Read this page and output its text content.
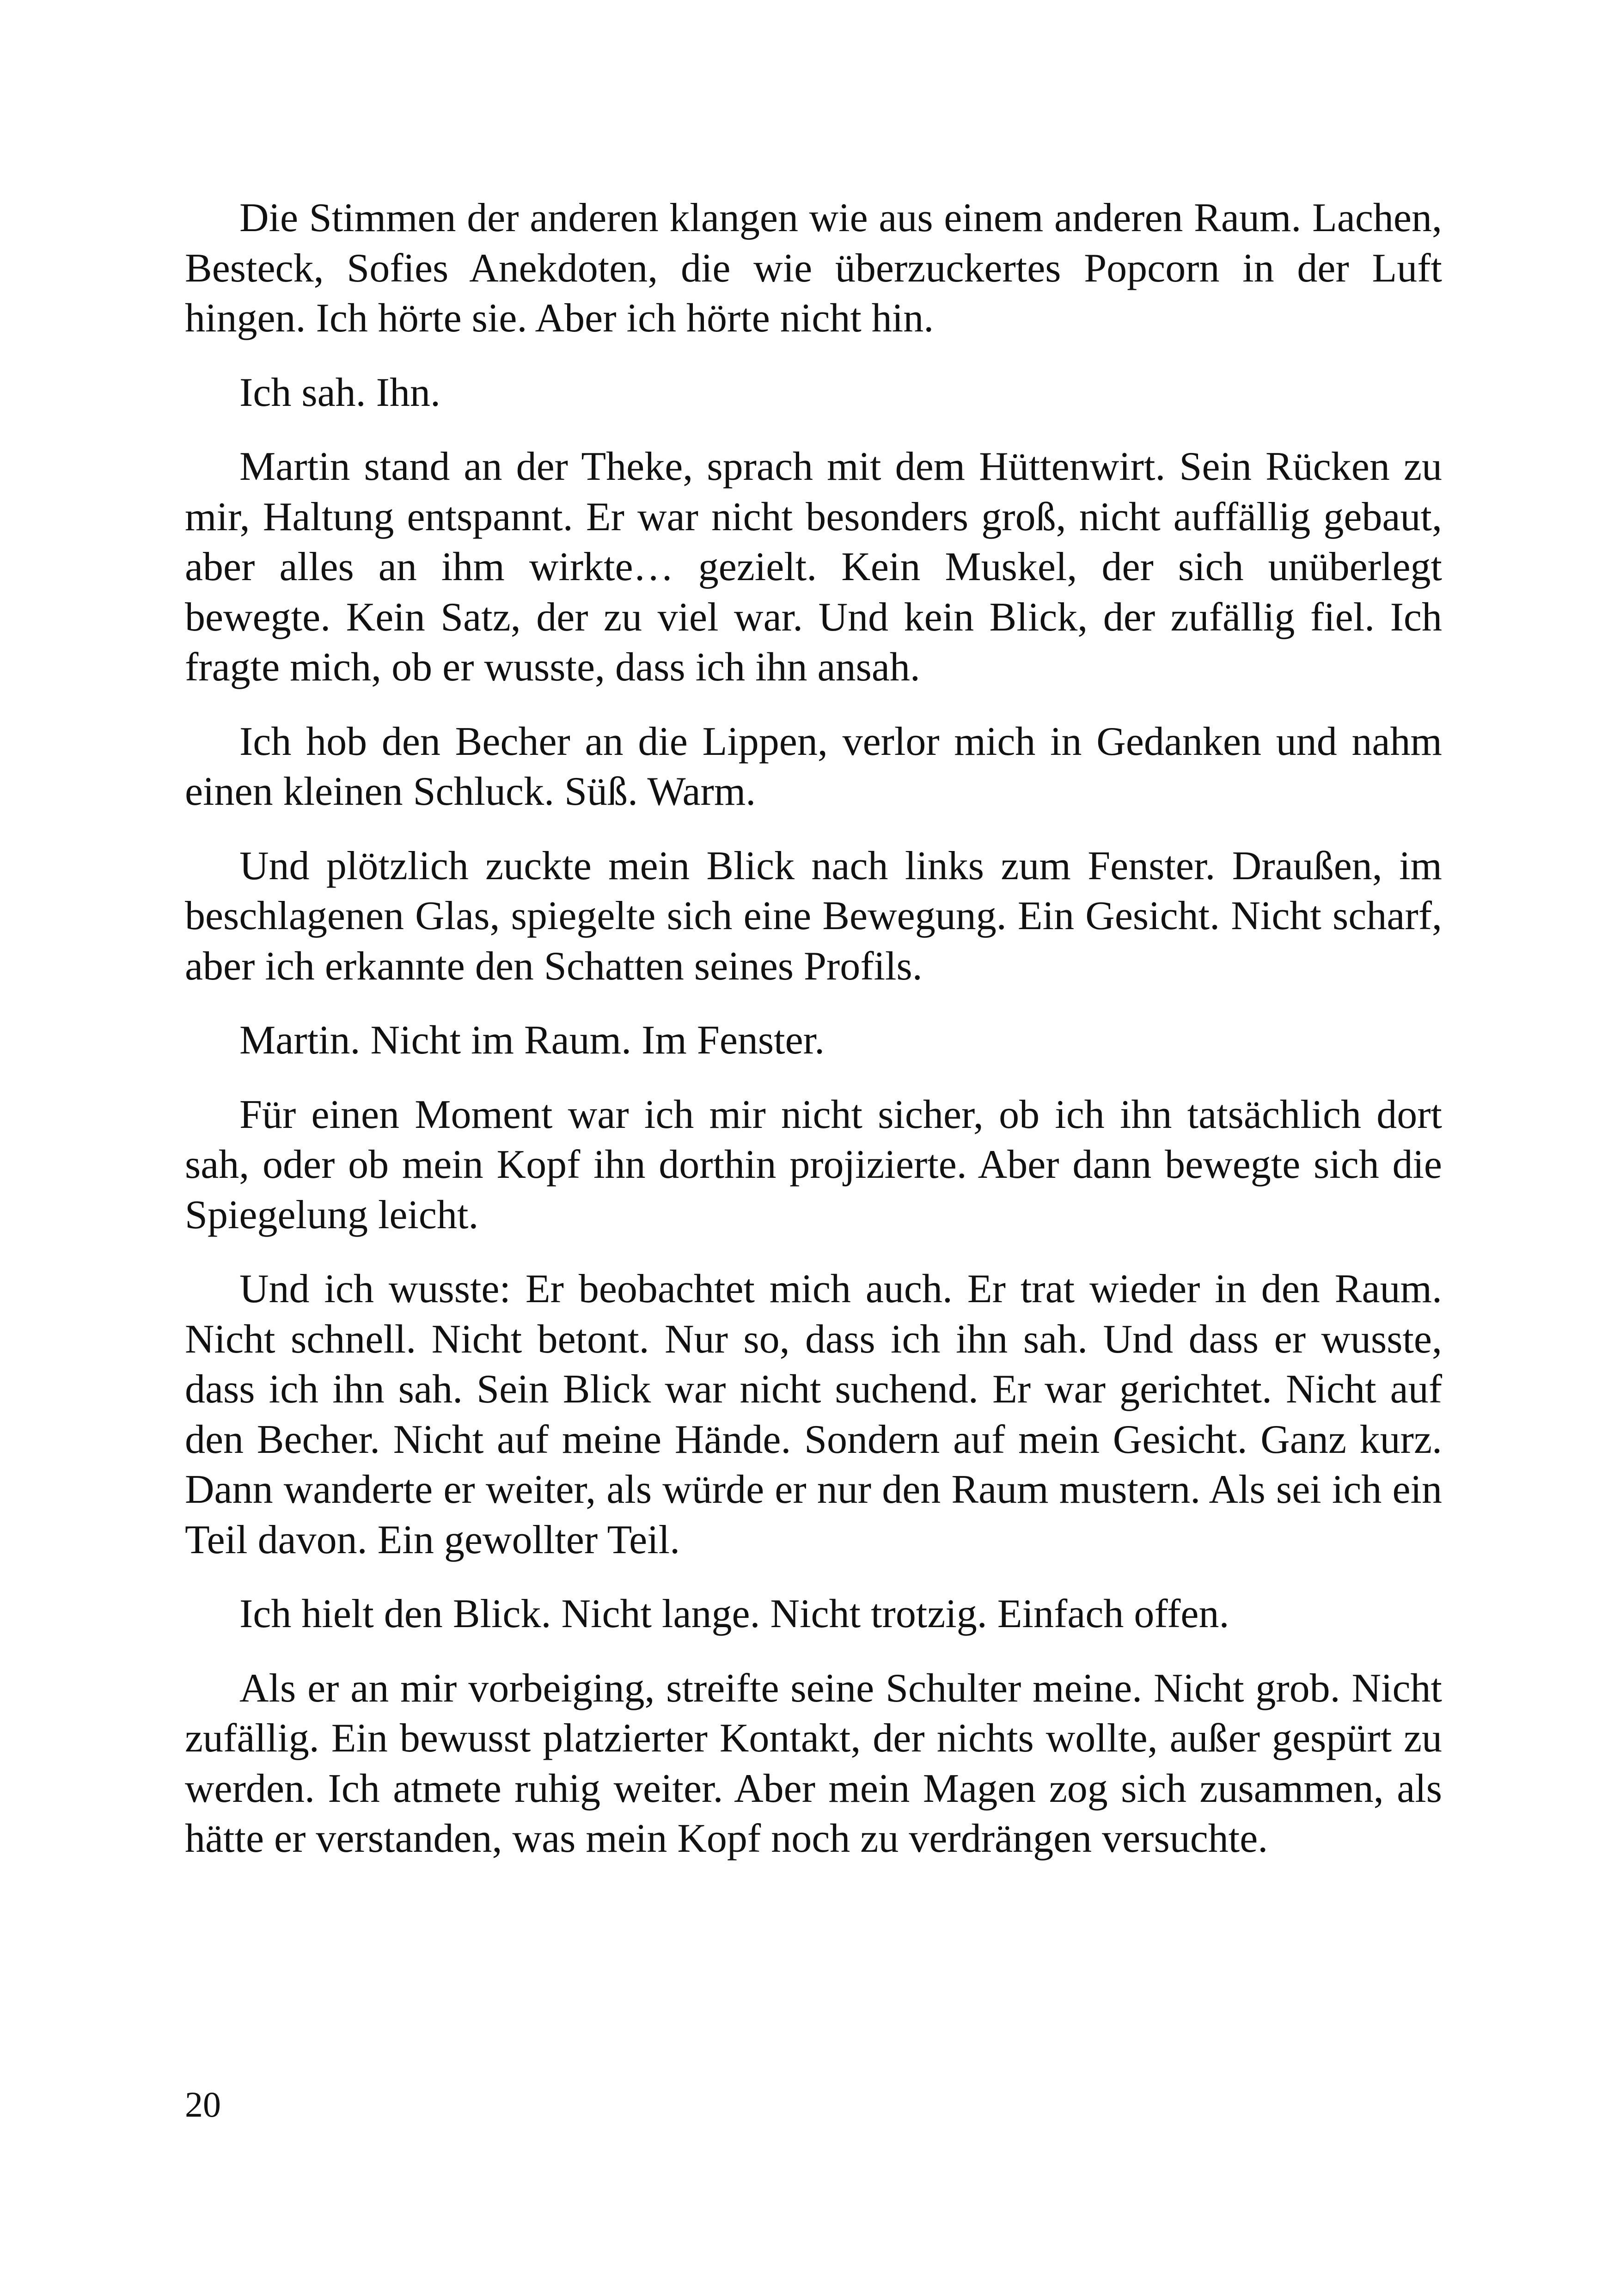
Die Stimmen der anderen klangen wie aus einem anderen Raum. Lachen, Besteck, Sofies Anekdoten, die wie überzuckertes Popcorn in der Luft hingen. Ich hörte sie. Aber ich hörte nicht hin.

Ich sah. Ihn.

Martin stand an der Theke, sprach mit dem Hüttenwirt. Sein Rücken zu mir, Haltung entspannt. Er war nicht besonders groß, nicht auffällig gebaut, aber alles an ihm wirkte… gezielt. Kein Muskel, der sich unüberlegt bewegte. Kein Satz, der zu viel war. Und kein Blick, der zufällig fiel. Ich fragte mich, ob er wusste, dass ich ihn ansah.

Ich hob den Becher an die Lippen, verlor mich in Gedanken und nahm einen kleinen Schluck. Süß. Warm.

Und plötzlich zuckte mein Blick nach links zum Fenster. Draußen, im beschlagenen Glas, spiegelte sich eine Bewegung. Ein Gesicht. Nicht scharf, aber ich erkannte den Schatten seines Profils.

Martin. Nicht im Raum. Im Fenster.

Für einen Moment war ich mir nicht sicher, ob ich ihn tatsächlich dort sah, oder ob mein Kopf ihn dorthin projizierte. Aber dann bewegte sich die Spiegelung leicht.

Und ich wusste: Er beobachtet mich auch. Er trat wieder in den Raum. Nicht schnell. Nicht betont. Nur so, dass ich ihn sah. Und dass er wusste, dass ich ihn sah. Sein Blick war nicht suchend. Er war gerichtet. Nicht auf den Becher. Nicht auf meine Hände. Sondern auf mein Gesicht. Ganz kurz. Dann wanderte er weiter, als würde er nur den Raum mustern. Als sei ich ein Teil davon. Ein gewollter Teil.

Ich hielt den Blick. Nicht lange. Nicht trotzig. Einfach offen.

Als er an mir vorbeiging, streifte seine Schulter meine. Nicht grob. Nicht zufällig. Ein bewusst platzierter Kontakt, der nichts wollte, außer gespürt zu werden. Ich atmete ruhig weiter. Aber mein Magen zog sich zusammen, als hätte er verstanden, was mein Kopf noch zu verdrängen versuchte.

20
